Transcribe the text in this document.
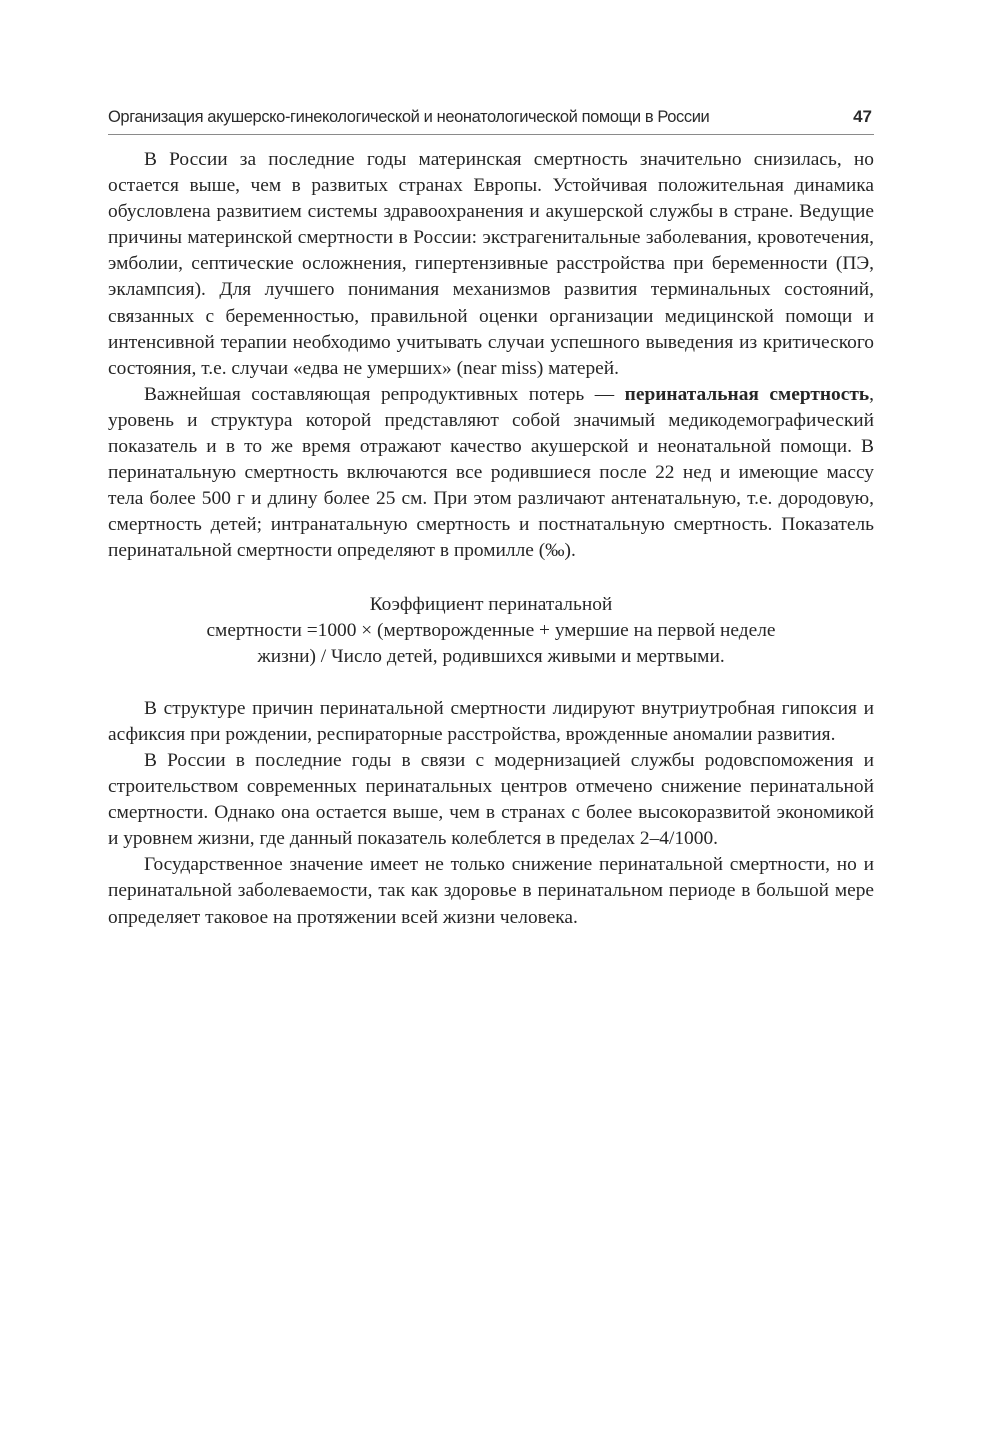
Организация акушерско-гинекологической и неонатологической помощи в России	47

В России за последние годы материнская смертность значительно снизилась, но остается выше, чем в развитых странах Европы. Устойчивая положительная динамика обусловлена развитием системы здравоохранения и акушерской службы в стране. Ведущие причины материнской смертности в России: экстрагенитальные заболевания, кровотечения, эмболии, септические осложнения, гипертензивные расстройства при беременности (ПЭ, эклампсия). Для лучшего понимания механизмов развития терминальных состояний, связанных с беременностью, правильной оценки организации медицинской помощи и интенсивной терапии необходимо учитывать случаи успешного выведения из критического состояния, т.е. случаи «едва не умерших» (near miss) матерей.

Важнейшая составляющая репродуктивных потерь — перинатальная смертность, уровень и структура которой представляют собой значимый медикодемографический показатель и в то же время отражают качество акушерской и неонатальной помощи. В перинатальную смертность включаются все родившиеся после 22 нед и имеющие массу тела более 500 г и длину более 25 см. При этом различают антенатальную, т.е. дородовую, смертность детей; интранатальную смертность и постнатальную смертность. Показатель перинатальной смертности определяют в промилле (‰).

Коэффициент перинатальной
смертности =1000 × (мертворожденные + умершие на первой неделе
жизни) / Число детей, родившихся живыми и мертвыми.

В структуре причин перинатальной смертности лидируют внутриутробная гипоксия и асфиксия при рождении, респираторные расстройства, врожденные аномалии развития.

В России в последние годы в связи с модернизацией службы родовспоможения и строительством современных перинатальных центров отмечено снижение перинатальной смертности. Однако она остается выше, чем в странах с более высокоразвитой экономикой и уровнем жизни, где данный показатель колеблется в пределах 2–4/1000.

Государственное значение имеет не только снижение перинатальной смертности, но и перинатальной заболеваемости, так как здоровье в перинатальном периоде в большой мере определяет таковое на протяжении всей жизни человека.
